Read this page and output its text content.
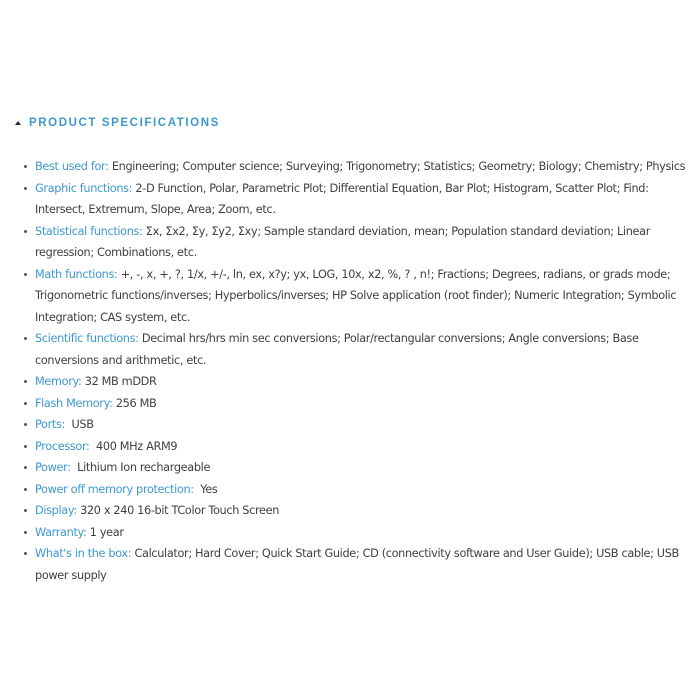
PRODUCT SPECIFICATIONS
Best used for: Engineering; Computer science; Surveying; Trigonometry; Statistics; Geometry; Biology; Chemistry; Physics
Graphic functions: 2-D Function, Polar, Parametric Plot; Differential Equation, Bar Plot; Histogram, Scatter Plot; Find: Intersect, Extremum, Slope, Area; Zoom, etc.
Statistical functions: Σx, Σx2, Σy, Σy2, Σxy; Sample standard deviation, mean; Population standard deviation; Linear regression; Combinations, etc.
Math functions: +, -, x, +, ?, 1/x, +/-, ln, ex, x?y; yx, LOG, 10x, x2, %, ? , n!; Fractions; Degrees, radians, or grads mode; Trigonometric functions/inverses; Hyperbolics/inverses; HP Solve application (root finder); Numeric Integration; Symbolic Integration; CAS system, etc.
Scientific functions: Decimal hrs/hrs min sec conversions; Polar/rectangular conversions; Angle conversions; Base conversions and arithmetic, etc.
Memory: 32 MB mDDR
Flash Memory: 256 MB
Ports:  USB
Processor:  400 MHz ARM9
Power:  Lithium Ion rechargeable
Power off memory protection:  Yes
Display: 320 x 240 16-bit TColor Touch Screen
Warranty: 1 year
What's in the box: Calculator; Hard Cover; Quick Start Guide; CD (connectivity software and User Guide); USB cable; USB power supply
